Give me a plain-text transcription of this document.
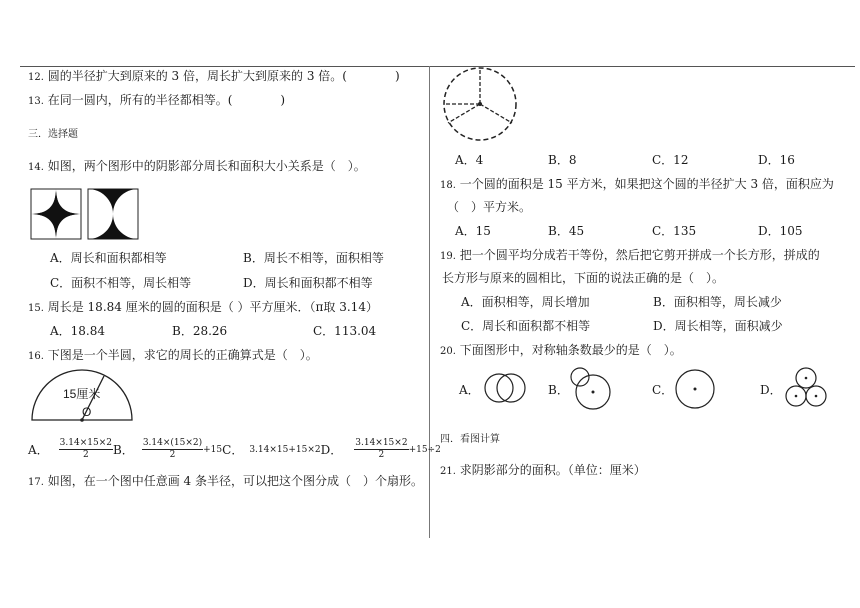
12. 圆的半径扩大到原来的 3 倍，周长扩大到原来的 3 倍。(　　　　)
13. 在同一圆内，所有的半径都相等。(　　　　)
三．选择题
14. 如图，两个图形中的阴影部分周长和面积大小关系是（　）。
A．周长和面积都相等	B．周长不相等，面积相等
C．面积不相等，周长相等	D．周长和面积都不相等
15. 周长是 18.84 厘米的圆的面积是（ ）平方厘米．（π取 3.14）
A．18.84	B．28.26	C．113.04
16. 下图是一个半圆，求它的周长的正确算式是（　）。
15厘米
O
A． $\frac{3.14\times 15\times 2}{2}$ B． $\frac{3.14\times(15\times 2)}{2} +15$ C． 3.14×15+15×2 D． $\frac{3.14\times 15\times 2}{2} +15\div 2$
17. 如图，在一个图中任意画 4 条半径，可以把这个图分成（　）个扇形。
A．4	B．8	C．12	D．16
18. 一个圆的面积是 15 平方米，如果把这个圆的半径扩大 3 倍，面积应为
（　）平方米。
A．15	B．45	C．135	D．105
19. 把一个圆平均分成若干等份，然后把它剪开拼成一个长方形，拼成的
长方形与原来的圆相比，下面的说法正确的是（　）。
A．面积相等，周长增加	B．面积相等，周长减少
C．周长和面积都不相等	D．周长相等，面积减少
20. 下面图形中，对称轴条数最少的是（　）。
A．	B．	C．	D．
四．看图计算
21. 求阴影部分的面积。（单位：厘米）
